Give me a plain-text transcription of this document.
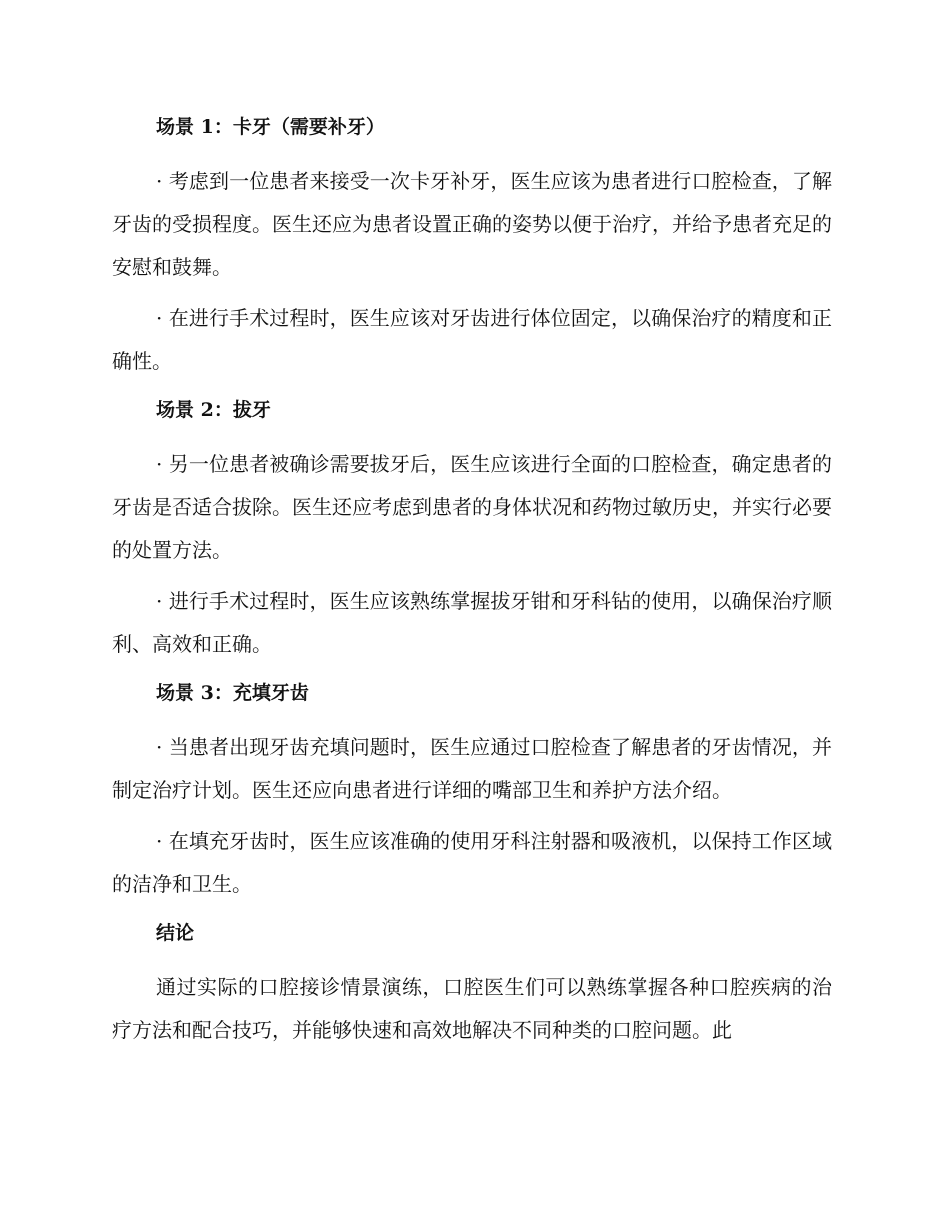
场景 1：卡牙（需要补牙）

· 考虑到一位患者来接受一次卡牙补牙，医生应该为患者进行口腔检查，了解牙齿的受损程度。医生还应为患者设置正确的姿势以便于治疗，并给予患者充足的安慰和鼓舞。

· 在进行手术过程时，医生应该对牙齿进行体位固定，以确保治疗的精度和正确性。

场景 2：拔牙

· 另一位患者被确诊需要拔牙后，医生应该进行全面的口腔检查，确定患者的牙齿是否适合拔除。医生还应考虑到患者的身体状况和药物过敏历史，并实行必要的处置方法。

· 进行手术过程时，医生应该熟练掌握拔牙钳和牙科钻的使用，以确保治疗顺利、高效和正确。

场景 3：充填牙齿

· 当患者出现牙齿充填问题时，医生应通过口腔检查了解患者的牙齿情况，并制定治疗计划。医生还应向患者进行详细的嘴部卫生和养护方法介绍。

· 在填充牙齿时，医生应该准确的使用牙科注射器和吸液机，以保持工作区域的洁净和卫生。

结论

通过实际的口腔接诊情景演练，口腔医生们可以熟练掌握各种口腔疾病的治疗方法和配合技巧，并能够快速和高效地解决不同种类的口腔问题。此
